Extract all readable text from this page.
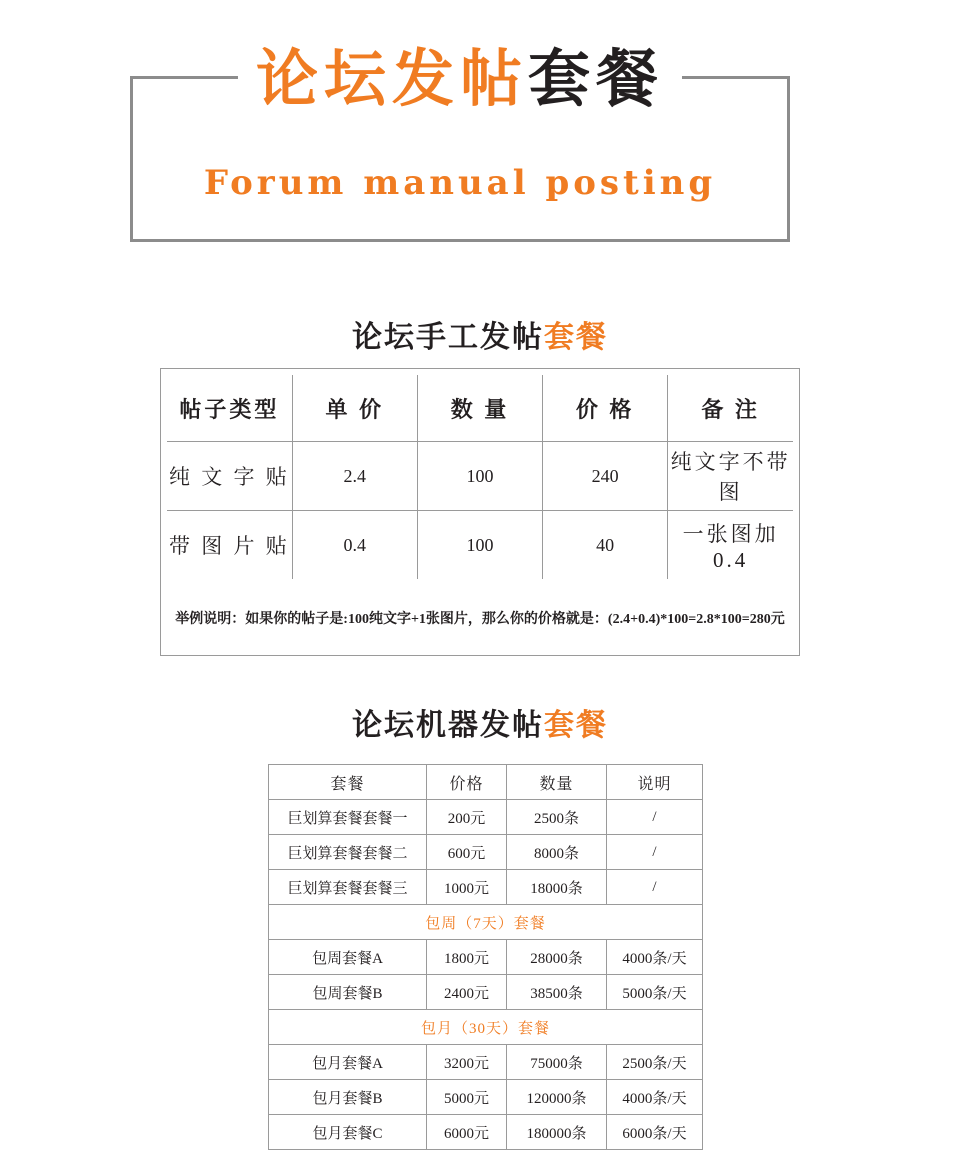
论坛发帖套餐
Forum manual posting
论坛手工发帖套餐
帖子类型	单 价	数 量	价 格	备 注
纯 文 字 贴	2.4	100	240	纯文字不带图
带 图 片 贴	0.4	100	40	一张图加 0.4
举例说明：如果你的帖子是:100纯文字+1张图片，那么你的价格就是：(2.4+0.4)*100=2.8*100=280元
论坛机器发帖套餐
套餐	价格	数量	说明
巨划算套餐套餐一	200元	2500条	/
巨划算套餐套餐二	600元	8000条	/
巨划算套餐套餐三	1000元	18000条	/
包周（7天）套餐			
包周套餐A	1800元	28000条	4000条/天
包周套餐B	2400元	38500条	5000条/天
包月（30天）套餐			
包月套餐A	3200元	75000条	2500条/天
包月套餐B	5000元	120000条	4000条/天
包月套餐C	6000元	180000条	6000条/天
